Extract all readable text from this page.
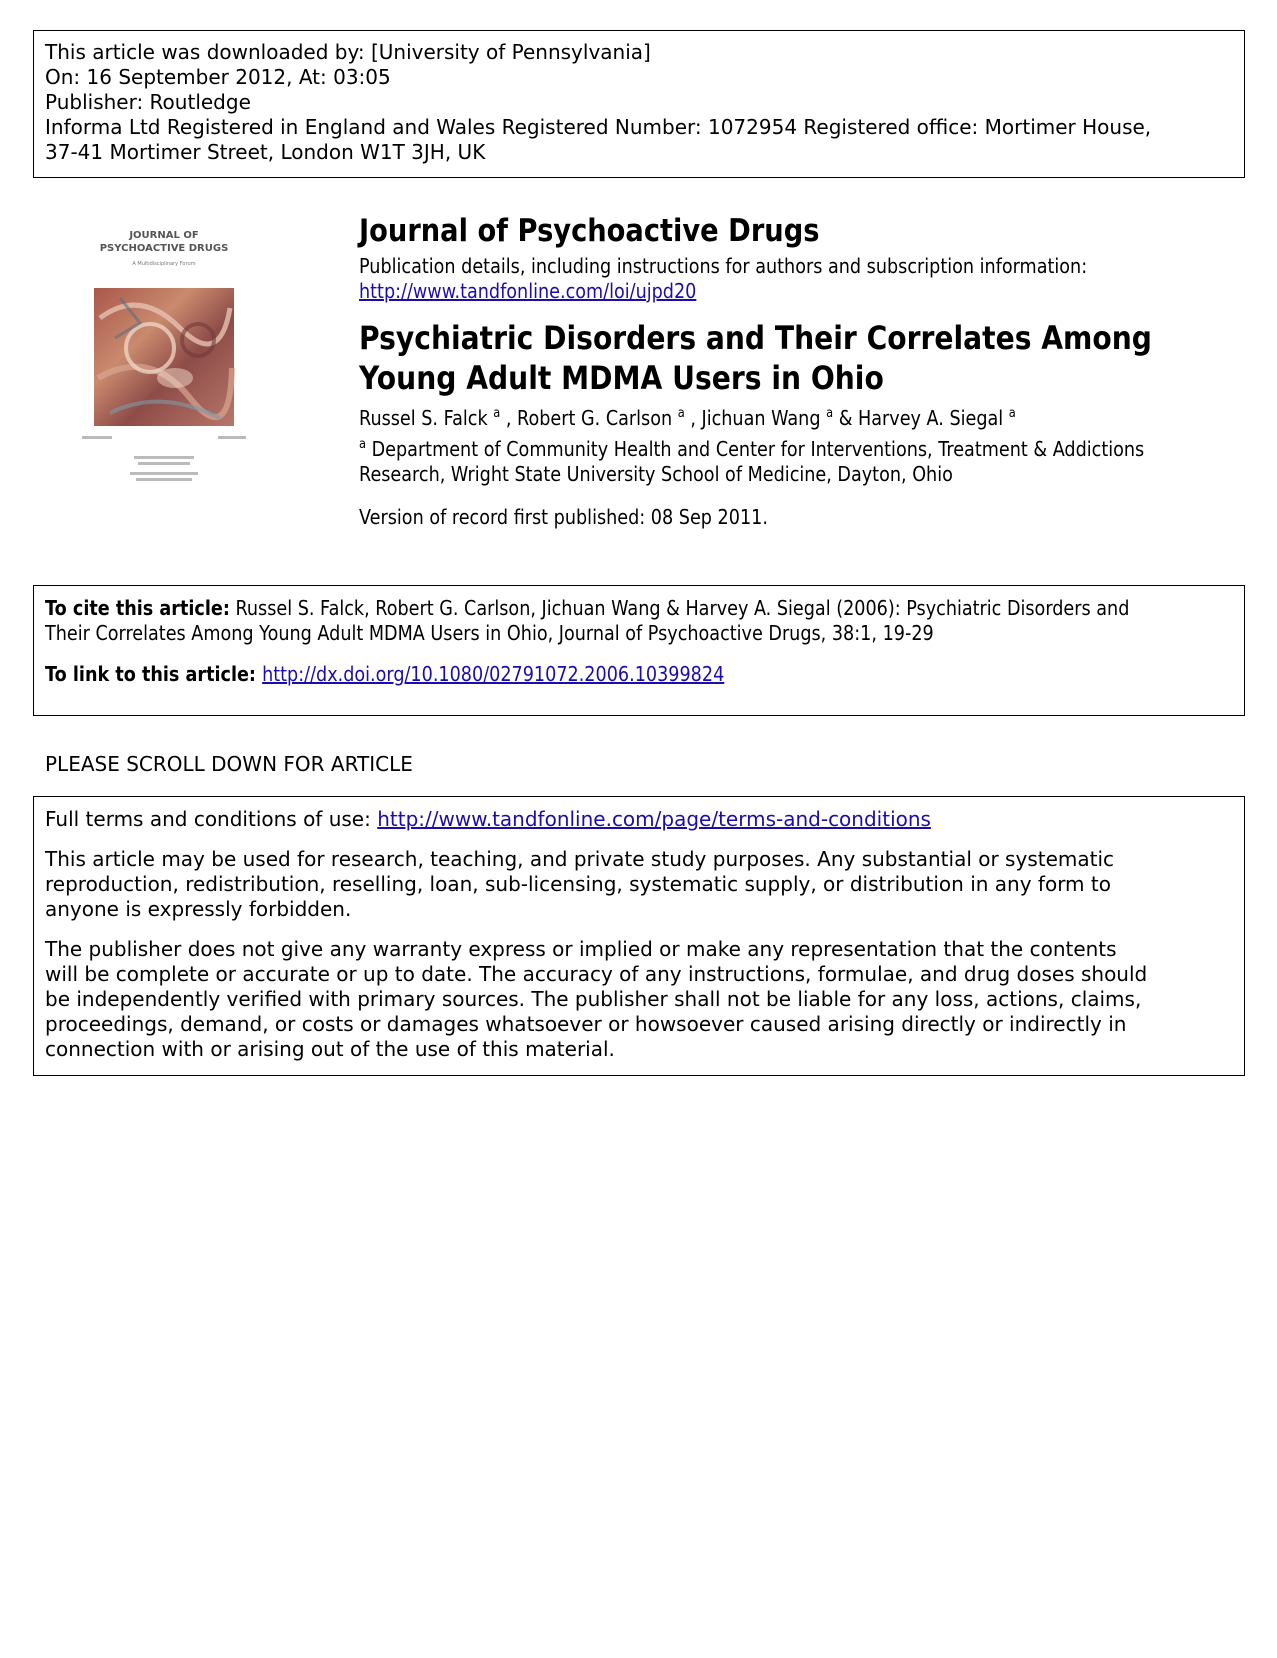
This article was downloaded by: [University of Pennsylvania]
On: 16 September 2012, At: 03:05
Publisher: Routledge
Informa Ltd Registered in England and Wales Registered Number: 1072954 Registered office: Mortimer House,
37-41 Mortimer Street, London W1T 3JH, UK
JOURNAL OF
PSYCHOACTIVE DRUGS
A Multidisciplinary Forum
Journal of Psychoactive Drugs
Publication details, including instructions for authors and subscription information:
http://www.tandfonline.com/loi/ujpd20
Psychiatric Disorders and Their Correlates Among
Young Adult MDMA Users in Ohio
Russel S. Falck $^a$ , Robert G. Carlson $^a$ , Jichuan Wang $^a$ & Harvey A. Siegal $^a$
$^a$ Department of Community Health and Center for Interventions, Treatment & Addictions
Research, Wright State University School of Medicine, Dayton, Ohio
Version of record first published: 08 Sep 2011.
To cite this article: Russel S. Falck, Robert G. Carlson, Jichuan Wang & Harvey A. Siegal (2006): Psychiatric Disorders and
Their Correlates Among Young Adult MDMA Users in Ohio, Journal of Psychoactive Drugs, 38:1, 19-29
To link to this article: http://dx.doi.org/10.1080/02791072.2006.10399824
PLEASE SCROLL DOWN FOR ARTICLE
Full terms and conditions of use: http://www.tandfonline.com/page/terms-and-conditions
This article may be used for research, teaching, and private study purposes. Any substantial or systematic
reproduction, redistribution, reselling, loan, sub-licensing, systematic supply, or distribution in any form to
anyone is expressly forbidden.
The publisher does not give any warranty express or implied or make any representation that the contents
will be complete or accurate or up to date. The accuracy of any instructions, formulae, and drug doses should
be independently verified with primary sources. The publisher shall not be liable for any loss, actions, claims,
proceedings, demand, or costs or damages whatsoever or howsoever caused arising directly or indirectly in
connection with or arising out of the use of this material.
